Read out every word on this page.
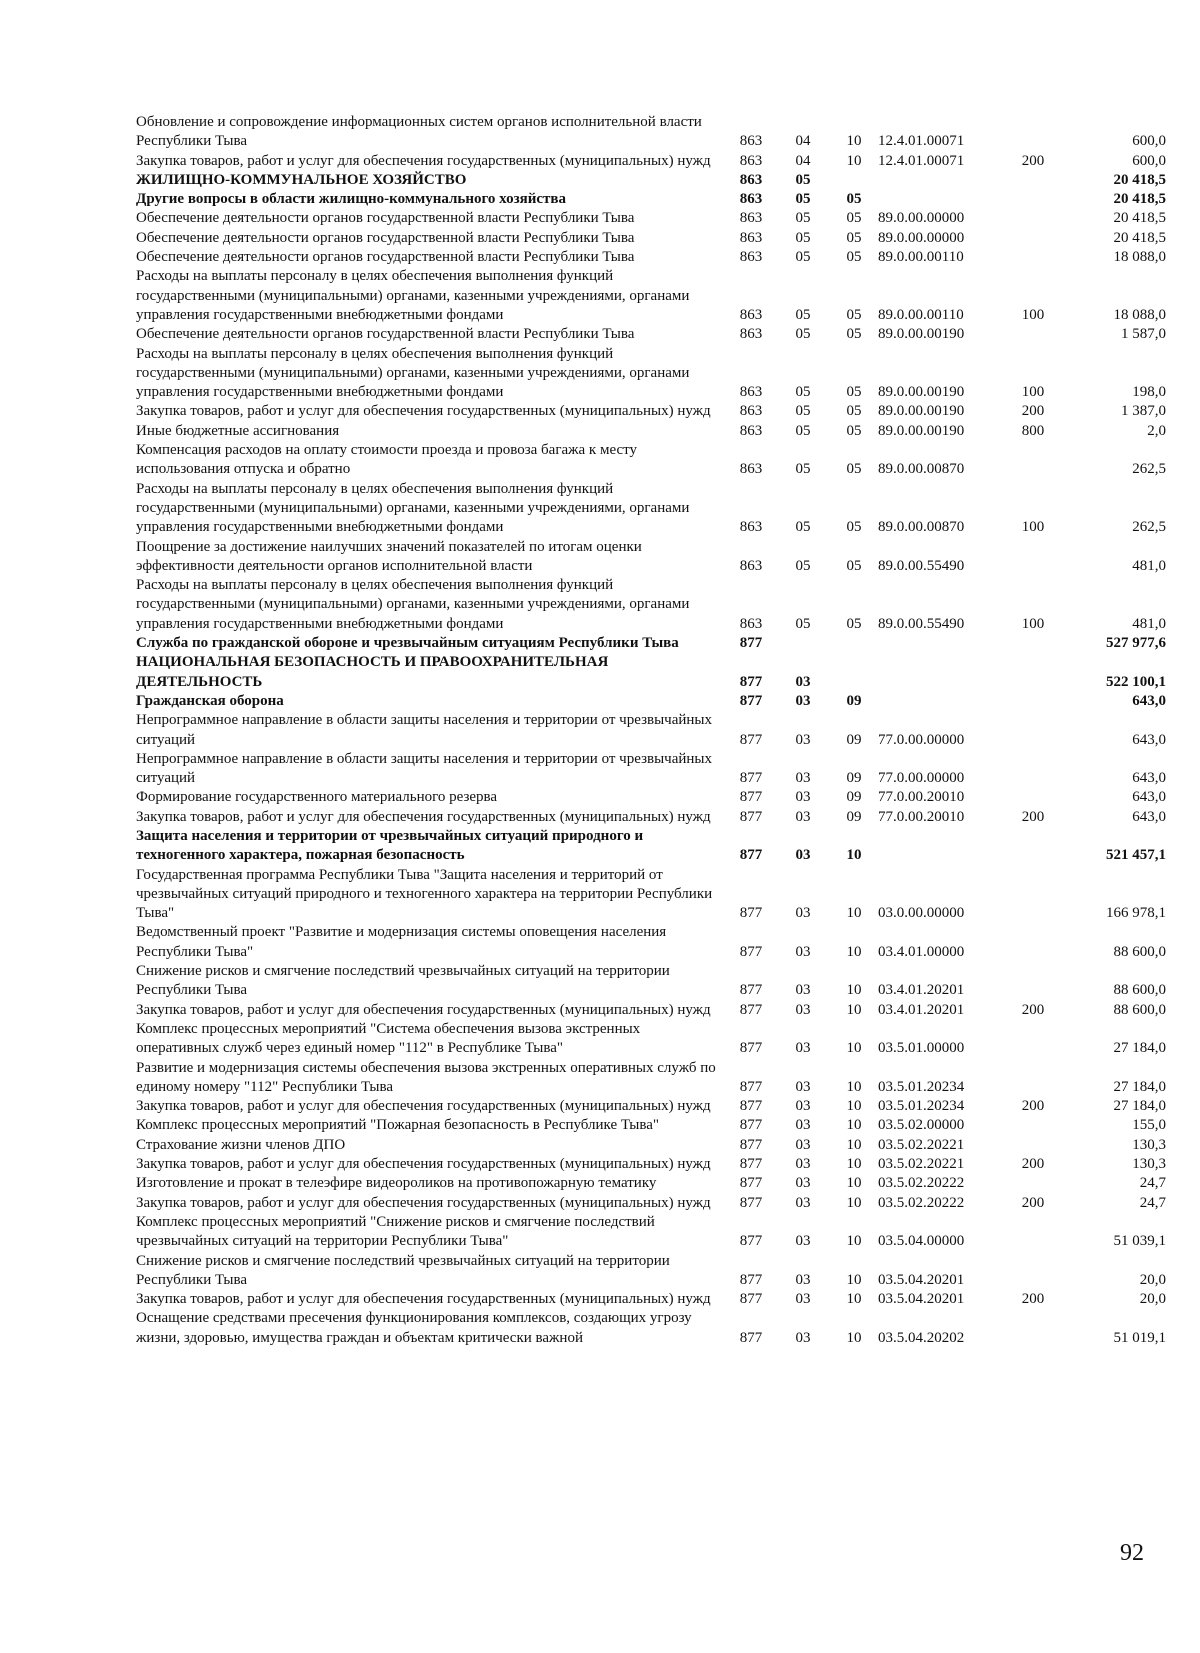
Обновление и сопровождение информационных систем органов исполнительной власти Республики Тыва	863	04	10	12.4.01.00071		600,0
Закупка товаров, работ и услуг для обеспечения государственных (муниципальных) нужд	863	04	10	12.4.01.00071	200	600,0
ЖИЛИЩНО-КОММУНАЛЬНОЕ ХОЗЯЙСТВО	863	05				20 418,5
Другие вопросы в области жилищно-коммунального хозяйства	863	05	05			20 418,5
Обеспечение деятельности органов государственной власти Республики Тыва	863	05	05	89.0.00.00000		20 418,5
Обеспечение деятельности органов государственной власти Республики Тыва	863	05	05	89.0.00.00000		20 418,5
Обеспечение деятельности органов государственной власти Республики Тыва	863	05	05	89.0.00.00110		18 088,0
Расходы на выплаты персоналу в целях обеспечения выполнения функций государственными (муниципальными) органами, казенными учреждениями, органами управления государственными внебюджетными фондами	863	05	05	89.0.00.00110	100	18 088,0
Обеспечение деятельности органов государственной власти Республики Тыва	863	05	05	89.0.00.00190		1 587,0
Расходы на выплаты персоналу в целях обеспечения выполнения функций государственными (муниципальными) органами, казенными учреждениями, органами управления государственными внебюджетными фондами	863	05	05	89.0.00.00190	100	198,0
Закупка товаров, работ и услуг для обеспечения государственных (муниципальных) нужд	863	05	05	89.0.00.00190	200	1 387,0
Иные бюджетные ассигнования	863	05	05	89.0.00.00190	800	2,0
Компенсация расходов на оплату стоимости проезда и провоза багажа к месту использования отпуска и обратно	863	05	05	89.0.00.00870		262,5
Расходы на выплаты персоналу в целях обеспечения выполнения функций государственными (муниципальными) органами, казенными учреждениями, органами управления государственными внебюджетными фондами	863	05	05	89.0.00.00870	100	262,5
Поощрение за достижение наилучших значений показателей по итогам оценки эффективности деятельности органов исполнительной власти	863	05	05	89.0.00.55490		481,0
Расходы на выплаты персоналу в целях обеспечения выполнения функций государственными (муниципальными) органами, казенными учреждениями, органами управления государственными внебюджетными фондами	863	05	05	89.0.00.55490	100	481,0
Служба по гражданской обороне и чрезвычайным ситуациям Республики Тыва	877					527 977,6
НАЦИОНАЛЬНАЯ БЕЗОПАСНОСТЬ И ПРАВООХРАНИТЕЛЬНАЯ ДЕЯТЕЛЬНОСТЬ	877	03				522 100,1
Гражданская оборона	877	03	09			643,0
Непрограммное направление в области защиты населения и территории от чрезвычайных ситуаций	877	03	09	77.0.00.00000		643,0
Непрограммное направление в области защиты населения и территории от чрезвычайных ситуаций	877	03	09	77.0.00.00000		643,0
Формирование государственного материального резерва	877	03	09	77.0.00.20010		643,0
Закупка товаров, работ и услуг для обеспечения государственных (муниципальных) нужд	877	03	09	77.0.00.20010	200	643,0
Защита населения и территории от чрезвычайных ситуаций природного и техногенного характера, пожарная безопасность	877	03	10			521 457,1
Государственная программа Республики Тыва "Защита населения и территорий от чрезвычайных ситуаций природного и техногенного характера на территории Республики Тыва"	877	03	10	03.0.00.00000		166 978,1
Ведомственный проект "Развитие и модернизация системы оповещения населения Республики Тыва"	877	03	10	03.4.01.00000		88 600,0
Снижение рисков и смягчение последствий чрезвычайных ситуаций на территории Республики Тыва	877	03	10	03.4.01.20201		88 600,0
Закупка товаров, работ и услуг для обеспечения государственных (муниципальных) нужд	877	03	10	03.4.01.20201	200	88 600,0
Комплекс процессных мероприятий "Система обеспечения вызова экстренных оперативных служб через единый номер "112" в Республике Тыва"	877	03	10	03.5.01.00000		27 184,0
Развитие и модернизация системы обеспечения вызова экстренных оперативных служб по единому номеру "112" Республики Тыва	877	03	10	03.5.01.20234		27 184,0
Закупка товаров, работ и услуг для обеспечения государственных (муниципальных) нужд	877	03	10	03.5.01.20234	200	27 184,0
Комплекс процессных мероприятий "Пожарная безопасность в Республике Тыва"	877	03	10	03.5.02.00000		155,0
Страхование жизни членов ДПО	877	03	10	03.5.02.20221		130,3
Закупка товаров, работ и услуг для обеспечения государственных (муниципальных) нужд	877	03	10	03.5.02.20221	200	130,3
Изготовление и прокат в телеэфире видеороликов на противопожарную тематику	877	03	10	03.5.02.20222		24,7
Закупка товаров, работ и услуг для обеспечения государственных (муниципальных) нужд	877	03	10	03.5.02.20222	200	24,7
Комплекс процессных мероприятий "Снижение рисков и смягчение последствий чрезвычайных ситуаций на территории Республики Тыва"	877	03	10	03.5.04.00000		51 039,1
Снижение рисков и смягчение последствий чрезвычайных ситуаций на территории Республики Тыва	877	03	10	03.5.04.20201		20,0
Закупка товаров, работ и услуг для обеспечения государственных (муниципальных) нужд	877	03	10	03.5.04.20201	200	20,0
Оснащение средствами пресечения функционирования комплексов, создающих угрозу жизни, здоровью, имущества граждан и объектам критически важной	877	03	10	03.5.04.20202		51 019,1
92
